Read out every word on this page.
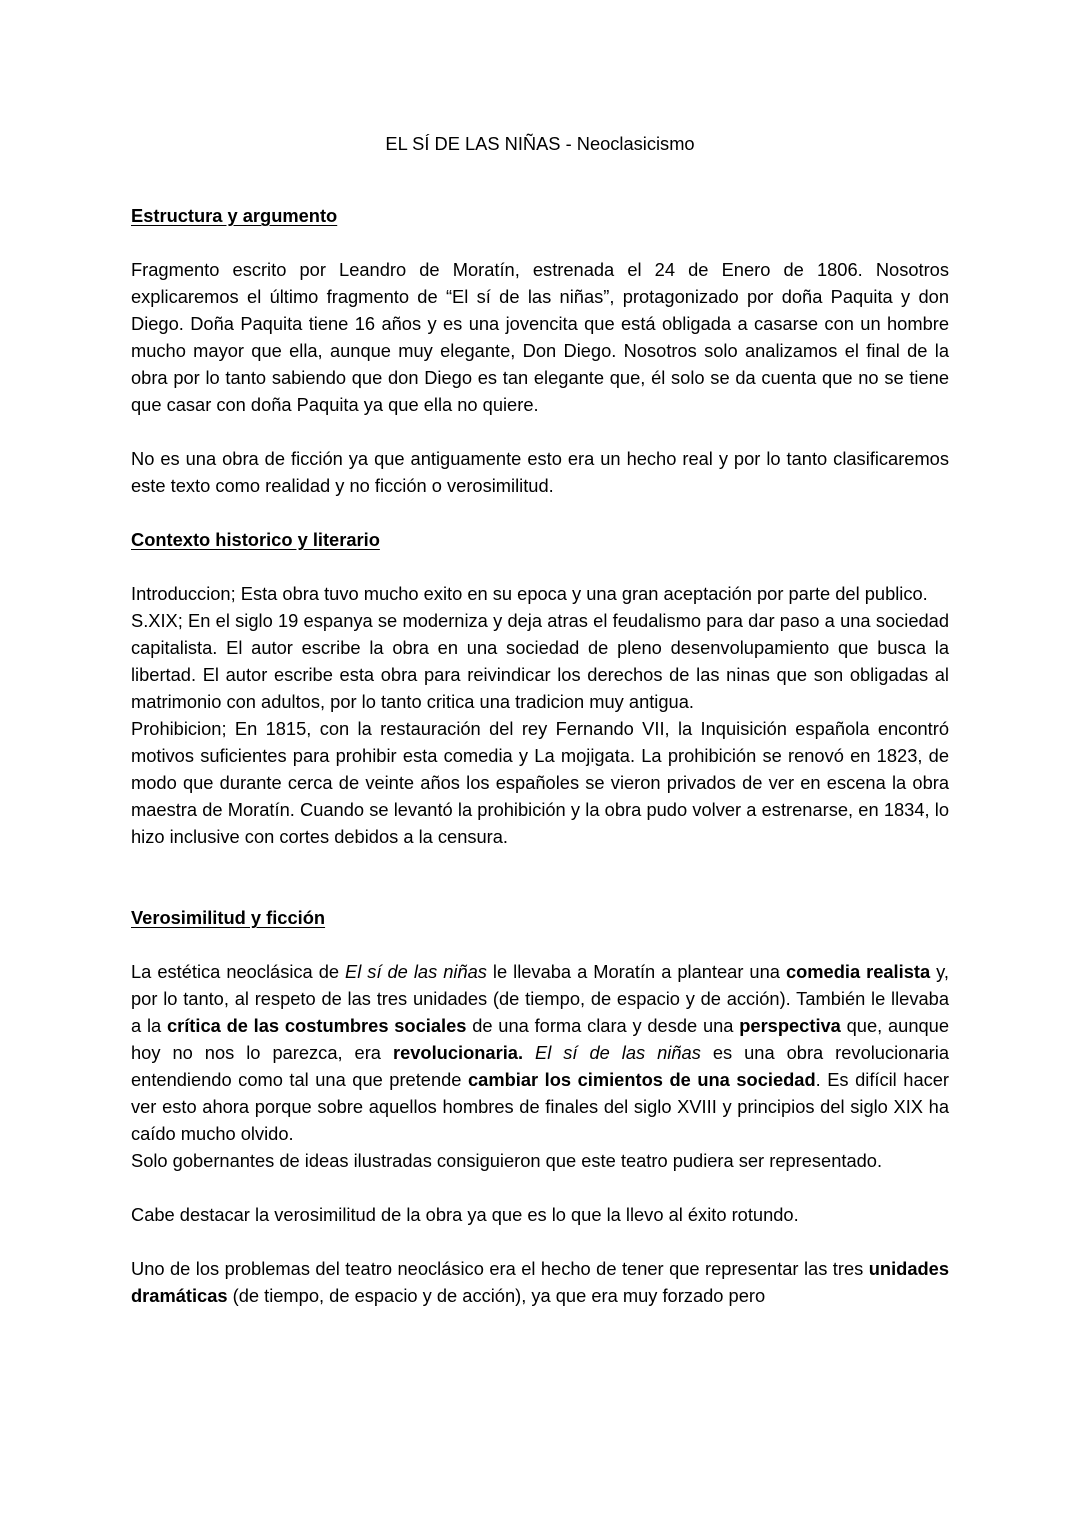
EL SÍ DE LAS NIÑAS - Neoclasicismo
Estructura y argumento

Fragmento escrito por Leandro de Moratín, estrenada el 24 de Enero de 1806. Nosotros explicaremos el último fragmento de “El sí de las niñas”, protagonizado por doña Paquita y don Diego. Doña Paquita tiene 16 años y es una jovencita que está obligada a casarse con un hombre mucho mayor que ella, aunque muy elegante, Don Diego. Nosotros solo analizamos el final de la obra por lo tanto sabiendo que don Diego es tan elegante que, él solo se da cuenta que no se tiene que casar con doña Paquita ya que ella no quiere.

No es una obra de ficción ya que antiguamente esto era un hecho real y por lo tanto clasificaremos este texto como realidad y no ficción o verosimilitud.

Contexto historico y literario

Introduccion; Esta obra tuvo mucho exito en su epoca y una gran aceptación por parte del publico.

S.XIX; En el siglo 19 espanya se moderniza y deja atras el feudalismo para dar paso a una sociedad capitalista. El autor escribe la obra en una sociedad de pleno desenvolupamiento que busca la libertad. El autor escribe esta obra para reivindicar los derechos de las ninas que son obligadas al matrimonio con adultos, por lo tanto critica una tradicion muy antigua.

Prohibicion; En 1815, con la restauración del rey Fernando VII, la Inquisición española encontró motivos suficientes para prohibir esta comedia y La mojigata. La prohibición se renovó en 1823, de modo que durante cerca de veinte años los españoles se vieron privados de ver en escena la obra maestra de Moratín. Cuando se levantó la prohibición y la obra pudo volver a estrenarse, en 1834, lo hizo inclusive con cortes debidos a la censura.

Verosimilitud y ficción

La estética neoclásica de El sí de las niñas le llevaba a Moratín a plantear una comedia realista y, por lo tanto, al respeto de las tres unidades (de tiempo, de espacio y de acción). También le llevaba a la crítica de las costumbres sociales de una forma clara y desde una perspectiva que, aunque hoy no nos lo parezca, era revolucionaria. El sí de las niñas es una obra revolucionaria entendiendo como tal una que pretende cambiar los cimientos de una sociedad. Es difícil hacer ver esto ahora porque sobre aquellos hombres de finales del siglo XVIII y principios del siglo XIX ha caído mucho olvido.

Solo gobernantes de ideas ilustradas consiguieron que este teatro pudiera ser representado.

Cabe destacar la verosimilitud de la obra ya que es lo que la llevo al éxito rotundo.

Uno de los problemas del teatro neoclásico era el hecho de tener que representar las tres unidades dramáticas (de tiempo, de espacio y de acción), ya que era muy forzado pero
